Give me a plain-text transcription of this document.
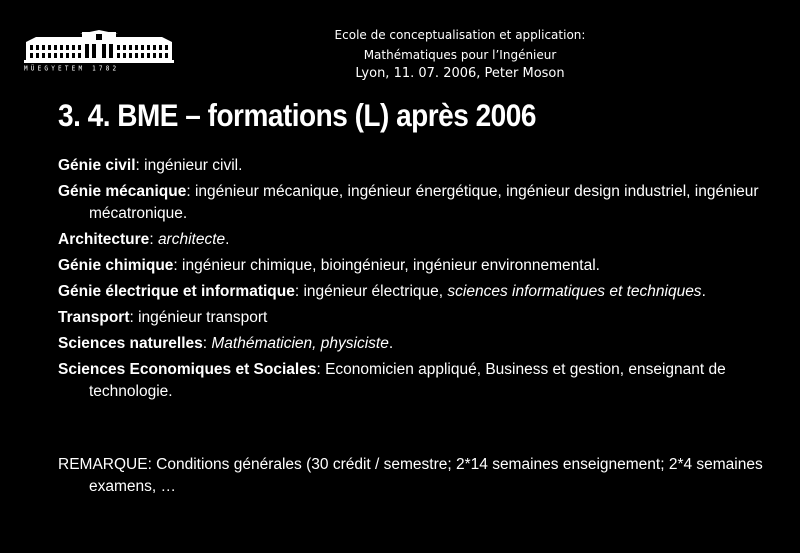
MÜEGYETEM 1782
Ecole de conceptualisation et application:
Mathématiques pour l’Ingénieur
Lyon, 11. 07. 2006, Peter Moson
3. 4. BME – formations (L) après 2006
Génie civil: ingénieur civil.
Génie mécanique: ingénieur mécanique, ingénieur énergétique, ingénieur design industriel, ingénieur mécatronique.
Architecture: architecte.
Génie chimique: ingénieur chimique, bioingénieur, ingénieur environnemental.
Génie électrique et informatique: ingénieur électrique, sciences informatiques et techniques.
Transport: ingénieur transport
Sciences naturelles: Mathématicien, physiciste.
Sciences Economiques et Sociales: Economicien appliqué, Business et gestion, enseignant de technologie.
REMARQUE: Conditions générales (30 crédit / semestre; 2*14 semaines enseignement; 2*4 semaines examens, …
